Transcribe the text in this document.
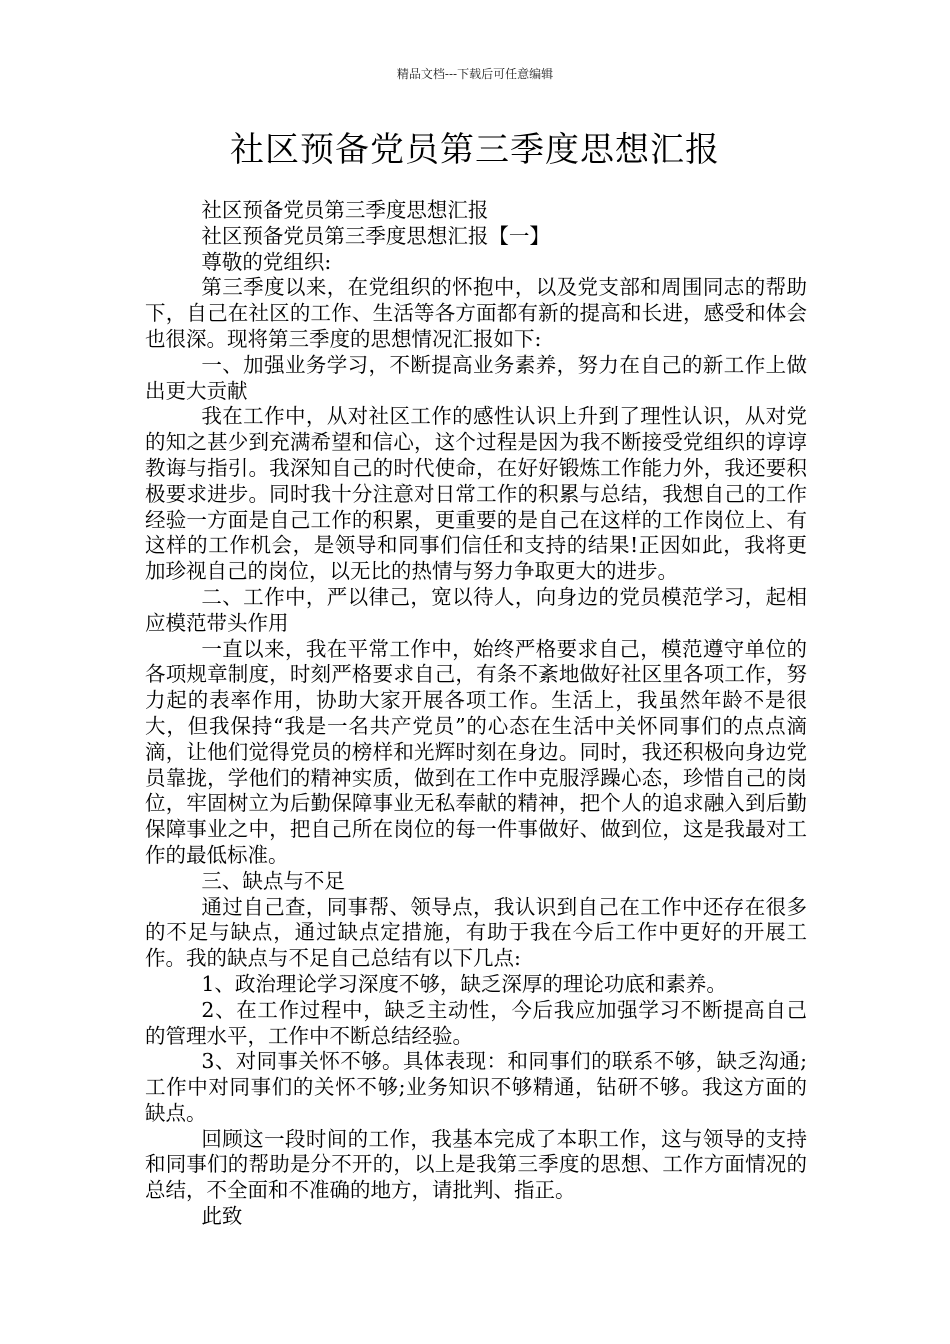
精品文档---下载后可任意编辑
社区预备党员第三季度思想汇报

社区预备党员第三季度思想汇报

社区预备党员第三季度思想汇报【一】

尊敬的党组织:

第三季度以来，在党组织的怀抱中，以及党支部和周围同志的帮助下，自己在社区的工作、生活等各方面都有新的提高和长进，感受和体会也很深。现将第三季度的思想情况汇报如下:

一、加强业务学习，不断提高业务素养，努力在自己的新工作上做出更大贡献

我在工作中，从对社区工作的感性认识上升到了理性认识，从对党的知之甚少到充满希望和信心，这个过程是因为我不断接受党组织的谆谆教诲与指引。我深知自己的时代使命，在好好锻炼工作能力外，我还要积极要求进步。同时我十分注意对日常工作的积累与总结，我想自己的工作经验一方面是自己工作的积累，更重要的是自己在这样的工作岗位上、有这样的工作机会，是领导和同事们信任和支持的结果!正因如此，我将更加珍视自己的岗位，以无比的热情与努力争取更大的进步。

二、工作中，严以律己，宽以待人，向身边的党员模范学习，起相应模范带头作用

一直以来，我在平常工作中，始终严格要求自己，模范遵守单位的各项规章制度，时刻严格要求自己，有条不紊地做好社区里各项工作，努力起的表率作用，协助大家开展各项工作。生活上，我虽然年龄不是很大，但我保持“我是一名共产党员”的心态在生活中关怀同事们的点点滴滴，让他们觉得党员的榜样和光辉时刻在身边。同时，我还积极向身边党员靠拢，学他们的精神实质，做到在工作中克服浮躁心态，珍惜自己的岗位，牢固树立为后勤保障事业无私奉献的精神，把个人的追求融入到后勤保障事业之中，把自己所在岗位的每一件事做好、做到位，这是我最对工作的最低标准。

三、缺点与不足

通过自己查，同事帮、领导点，我认识到自己在工作中还存在很多的不足与缺点，通过缺点定措施，有助于我在今后工作中更好的开展工作。我的缺点与不足自己总结有以下几点:

1、政治理论学习深度不够，缺乏深厚的理论功底和素养。

2、在工作过程中，缺乏主动性，今后我应加强学习不断提高自己的管理水平，工作中不断总结经验。

3、对同事关怀不够。具体表现：和同事们的联系不够，缺乏沟通;工作中对同事们的关怀不够;业务知识不够精通，钻研不够。我这方面的缺点。

回顾这一段时间的工作，我基本完成了本职工作，这与领导的支持和同事们的帮助是分不开的，以上是我第三季度的思想、工作方面情况的总结，不全面和不准确的地方，请批判、指正。

此致
